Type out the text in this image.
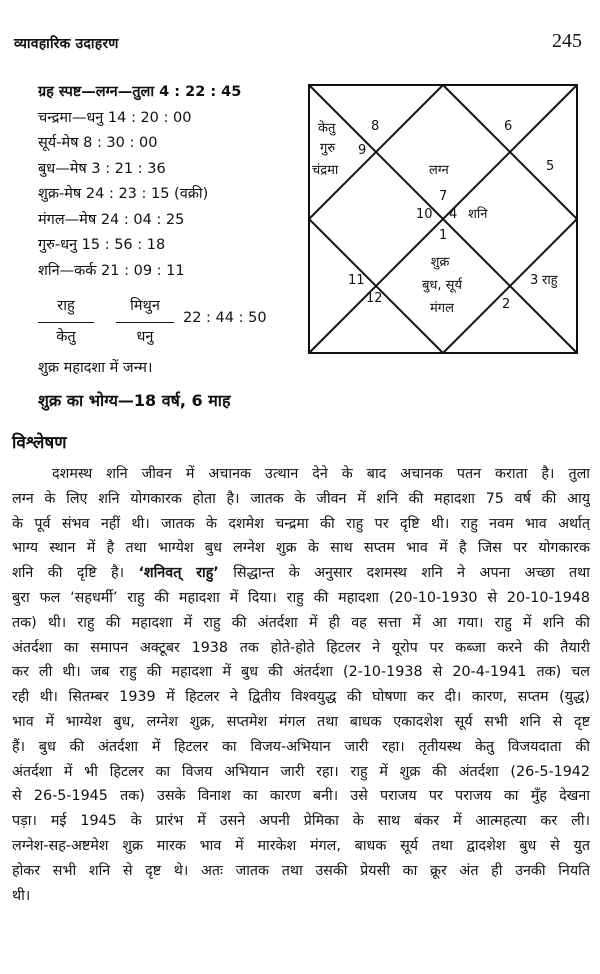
व्यावहारिक उदाहरण	245
ग्रह स्पष्ट—लग्न—तुला 4 : 22 : 45
चन्द्रमा—धनु 14 : 20 : 00
सूर्य-मेष 8 : 30 : 00
बुध—मेष 3 : 21 : 36
शुक्र-मेष 24 : 23 : 15 (वक्री)
मंगल—मेष 24 : 04 : 25
गुरु-धनु 15 : 56 : 18
शनि—कर्क 21 : 09 : 11
राहु
केतु
मिथुन
धनु
22 : 44 : 50
शुक्र महादशा में जन्म।
शुक्र का भोग्य—18 वर्ष, 6 माह
8
9
6
5
7
10 4
1
11
12
3
2
केतु
गुरु
चंद्रमा	लग्न
शनि
शुक्र
बुध, सूर्य
मंगल
राहु
विश्लेषण
दशमस्थ शनि जीवन में अचानक उत्थान देने के बाद अचानक पतन कराता है। तुला
लग्न के लिए शनि योगकारक होता है। जातक के जीवन में शनि की महादशा 75 वर्ष की आयु
के पूर्व संभव नहीं थी। जातक के दशमेश चन्द्रमा की राहु पर दृष्टि थी। राहु नवम भाव अर्थात्
भाग्य स्थान में है तथा भाग्येश बुध लग्नेश शुक्र के साथ सप्तम भाव में है जिस पर योगकारक
शनि की दृष्टि है। ‘शनिवत् राहु’ सिद्धान्त के अनुसार दशमस्थ शनि ने अपना अच्छा तथा
बुरा फल ‘सहधर्मी’ राहु की महादशा में दिया। राहु की महादशा (20-10-1930 से 20-10-1948
तक) थी। राहु की महादशा में राहु की अंतर्दशा में ही वह सत्ता में आ गया। राहु में शनि की
अंतर्दशा का समापन अक्टूबर 1938 तक होते-होते हिटलर ने यूरोप पर कब्जा करने की तैयारी
कर ली थी। जब राहु की महादशा में बुध की अंतर्दशा (2-10-1938 से 20-4-1941 तक) चल
रही थी। सितम्बर 1939 में हिटलर ने द्वितीय विश्वयुद्ध की घोषणा कर दी। कारण, सप्तम (युद्ध)
भाव में भाग्येश बुध, लग्नेश शुक्र, सप्तमेश मंगल तथा बाधक एकादशेश सूर्य सभी शनि से दृष्ट
हैं। बुध की अंतर्दशा में हिटलर का विजय-अभियान जारी रहा। तृतीयस्थ केतु विजयदाता की
अंतर्दशा में भी हिटलर का विजय अभियान जारी रहा। राहु में शुक्र की अंतर्दशा (26-5-1942
से 26-5-1945 तक) उसके विनाश का कारण बनी। उसे पराजय पर पराजय का मुँह देखना
पड़ा। मई 1945 के प्रारंभ में उसने अपनी प्रेमिका के साथ बंकर में आत्महत्या कर ली।
लग्नेश-सह-अष्टमेश शुक्र मारक भाव में मारकेश मंगल, बाधक सूर्य तथा द्वादशेश बुध से युत
होकर सभी शनि से दृष्ट थे। अतः जातक तथा उसकी प्रेयसी का क्रूर अंत ही उनकी नियति
थी।
